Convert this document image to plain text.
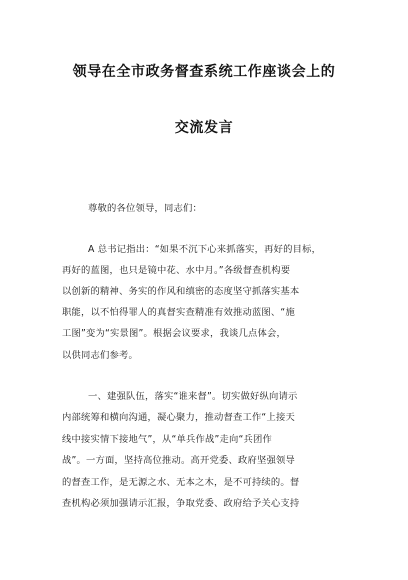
领导在全市政务督查系统工作座谈会上的
交流发言
尊敬的各位领导，同志们：
A 总书记指出：“如果不沉下心来抓落实，再好的目标，
再好的蓝图，也只是镜中花、水中月。”各级督查机构要
以创新的精神、务实的作风和缜密的态度坚守抓落实基本
职能，以不怕得罪人的真督实查精准有效推动蓝图、“施
工图”变为“实景图”。根据会议要求，我谈几点体会，
以供同志们参考。
一、建强队伍，落实“谁来督”。切实做好纵向请示
内部统筹和横向沟通，凝心聚力，推动督查工作“上接天
线中接实情下接地气”，从“单兵作战”走向“兵团作
战”。一方面，坚持高位推动。高开党委、政府坚强领导
的督查工作，是无源之水、无本之木，是不可持续的。督
查机构必须加强请示汇报，争取党委、政府给予关心支持
